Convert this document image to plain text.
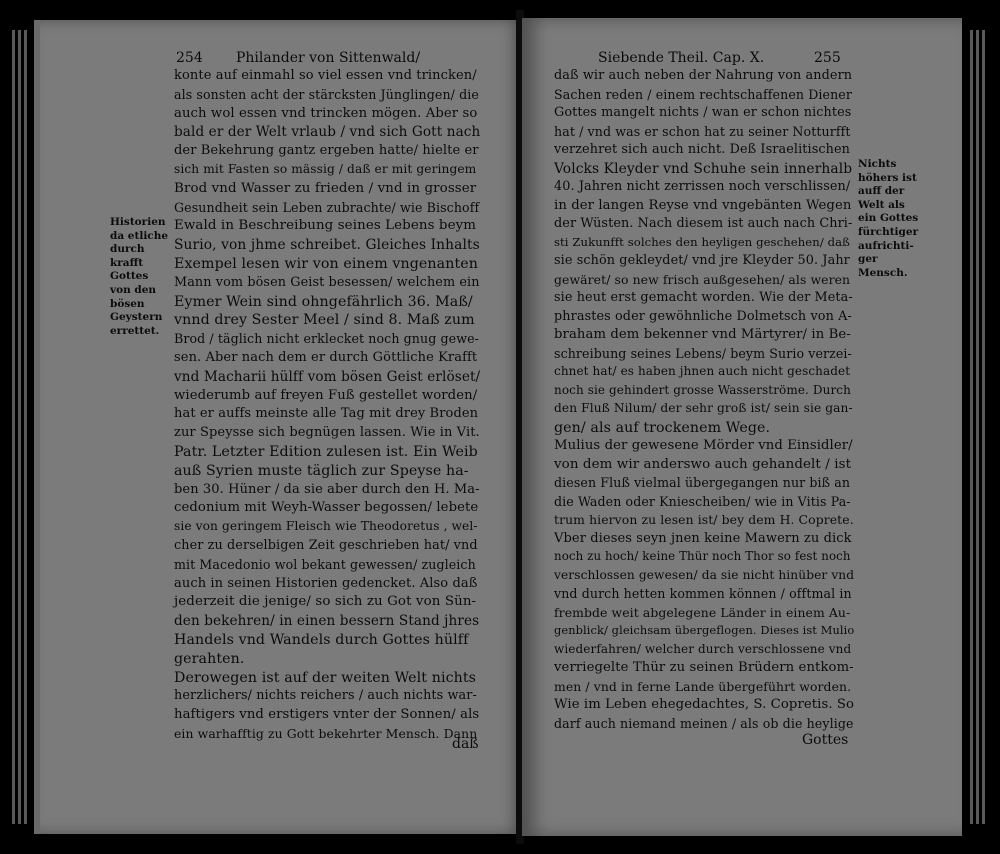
254 Philander von Sittenwald/
Historien
da etliche
durch
krafft
Gottes
von den
bösen
Geystern
errettet.
konte auf einmahl so viel essen vnd trincken/
als sonsten acht der stärcksten Jünglingen/ die
auch wol essen vnd trincken mögen. Aber so
bald er der Welt vrlaub / vnd sich Gott nach
der Bekehrung gantz ergeben hatte/ hielte er
sich mit Fasten so mässig / daß er mit geringem
Brod vnd Wasser zu frieden / vnd in grosser
Gesundheit sein Leben zubrachte/ wie Bischoff
Ewald in Beschreibung seines Lebens beym
Surio, von jhme schreibet. Gleiches Inhalts
Exempel lesen wir von einem vngenanten
Mann vom bösen Geist besessen/ welchem ein
Eymer Wein sind ohngefährlich 36. Maß/
vnnd drey Sester Meel / sind 8. Maß zum
Brod / täglich nicht erklecket noch gnug gewe-
sen. Aber nach dem er durch Göttliche Krafft
vnd Macharii hülff vom bösen Geist erlöset/
wiederumb auf freyen Fuß gestellet worden/
hat er auffs meinste alle Tag mit drey Broden
zur Speysse sich begnügen lassen. Wie in Vit.
Patr. Letzter Edition zulesen ist. Ein Weib
auß Syrien muste täglich zur Speyse ha-
ben 30. Hüner / da sie aber durch den H. Ma-
cedonium mit Weyh-Wasser begossen/ lebete
sie von geringem Fleisch wie Theodoretus , wel-
cher zu derselbigen Zeit geschrieben hat/ vnd
mit Macedonio wol bekant gewessen/ zugleich
auch in seinen Historien gedencket. Also daß
jederzeit die jenige/ so sich zu Got von Sün-
den bekehren/ in einen bessern Stand jhres
Handels vnd Wandels durch Gottes hülff
gerahten.
Derowegen ist auf der weiten Welt nichts
herzlichers/ nichts reichers / auch nichts war-
haftigers vnd erstigers vnter der Sonnen/ als
ein warhafftig zu Gott bekehrter Mensch. Dann
daß
Siebende Theil. Cap. X.	255
Nichts
höhers ist
auff der
Welt als
ein Gottes
fürchtiger
aufrichti-
ger
Mensch.
daß wir auch neben der Nahrung von andern
Sachen reden / einem rechtschaffenen Diener
Gottes mangelt nichts / wan er schon nichtes
hat / vnd was er schon hat zu seiner Notturfft
verzehret sich auch nicht. Deß Israelitischen
Volcks Kleyder vnd Schuhe sein innerhalb
40. Jahren nicht zerrissen noch verschlissen/
in der langen Reyse vnd vngebänten Wegen
der Wüsten. Nach diesem ist auch nach Chri-
sti Zukunfft solches den heyligen geschehen/ daß
sie schön gekleydet/ vnd jre Kleyder 50. Jahr
gewäret/ so new frisch außgesehen/ als weren
sie heut erst gemacht worden. Wie der Meta-
phrastes oder gewöhnliche Dolmetsch von A-
braham dem bekenner vnd Märtyrer/ in Be-
schreibung seines Lebens/ beym Surio verzei-
chnet hat/ es haben jhnen auch nicht geschadet
noch sie gehindert grosse Wasserströme. Durch
den Fluß Nilum/ der sehr groß ist/ sein sie gan-
gen/ als auf trockenem Wege.
Mulius der gewesene Mörder vnd Einsidler/
von dem wir anderswo auch gehandelt / ist
diesen Fluß vielmal übergegangen nur biß an
die Waden oder Kniescheiben/ wie in Vitis Pa-
trum hiervon zu lesen ist/ bey dem H. Coprete.
Vber dieses seyn jnen keine Mawern zu dick
noch zu hoch/ keine Thür noch Thor so fest noch
verschlossen gewesen/ da sie nicht hinüber vnd
vnd durch hetten kommen können / offtmal in
frembde weit abgelegene Länder in einem Au-
genblick/ gleichsam übergeflogen. Dieses ist Mulio
wiederfahren/ welcher durch verschlossene vnd
verriegelte Thür zu seinen Brüdern entkom-
men / vnd in ferne Lande übergeführt worden.
Wie im Leben ehegedachtes, S. Copretis. So
darf auch niemand meinen / als ob die heylige
Gottes
